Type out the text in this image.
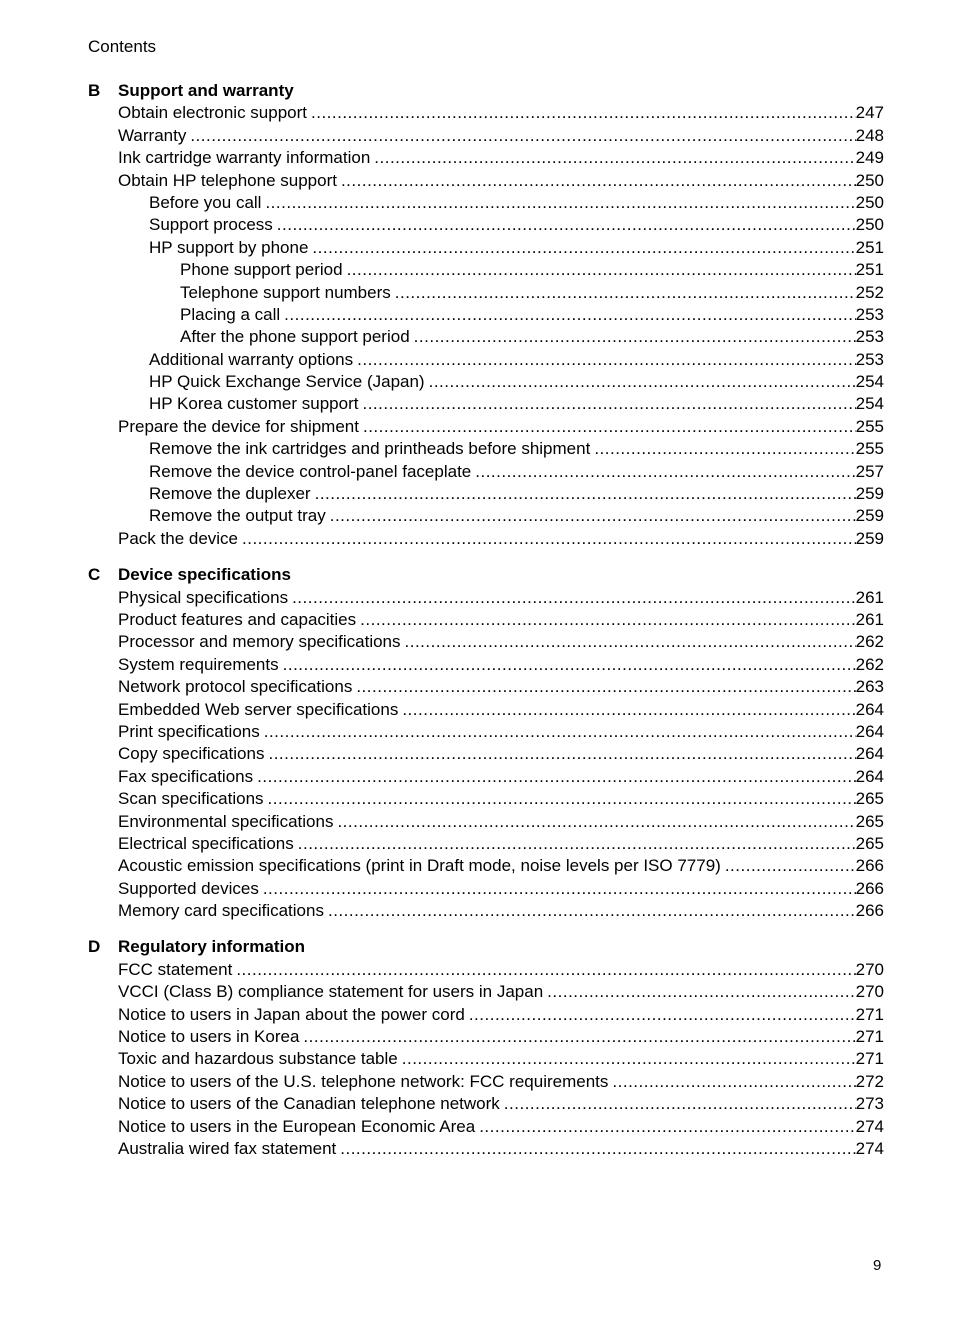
Contents
B	Support and warranty
Obtain electronic support .....	247
Warranty .....	248
Ink cartridge warranty information .....	249
Obtain HP telephone support .....	250
Before you call .....	250
Support process .....	250
HP support by phone .....	251
Phone support period .....	251
Telephone support numbers .....	252
Placing a call .....	253
After the phone support period .....	253
Additional warranty options .....	253
HP Quick Exchange Service (Japan) .....	254
HP Korea customer support .....	254
Prepare the device for shipment .....	255
Remove the ink cartridges and printheads before shipment .....	255
Remove the device control-panel faceplate .....	257
Remove the duplexer .....	259
Remove the output tray .....	259
Pack the device .....	259
C	Device specifications
Physical specifications .....	261
Product features and capacities .....	261
Processor and memory specifications .....	262
System requirements .....	262
Network protocol specifications .....	263
Embedded Web server specifications .....	264
Print specifications .....	264
Copy specifications .....	264
Fax specifications .....	264
Scan specifications .....	265
Environmental specifications .....	265
Electrical specifications .....	265
Acoustic emission specifications (print in Draft mode, noise levels per ISO 7779) .....	266
Supported devices .....	266
Memory card specifications .....	266
D	Regulatory information
FCC statement .....	270
VCCI (Class B) compliance statement for users in Japan .....	270
Notice to users in Japan about the power cord .....	271
Notice to users in Korea .....	271
Toxic and hazardous substance table .....	271
Notice to users of the U.S. telephone network: FCC requirements .....	272
Notice to users of the Canadian telephone network .....	273
Notice to users in the European Economic Area .....	274
Australia wired fax statement .....	274
9
